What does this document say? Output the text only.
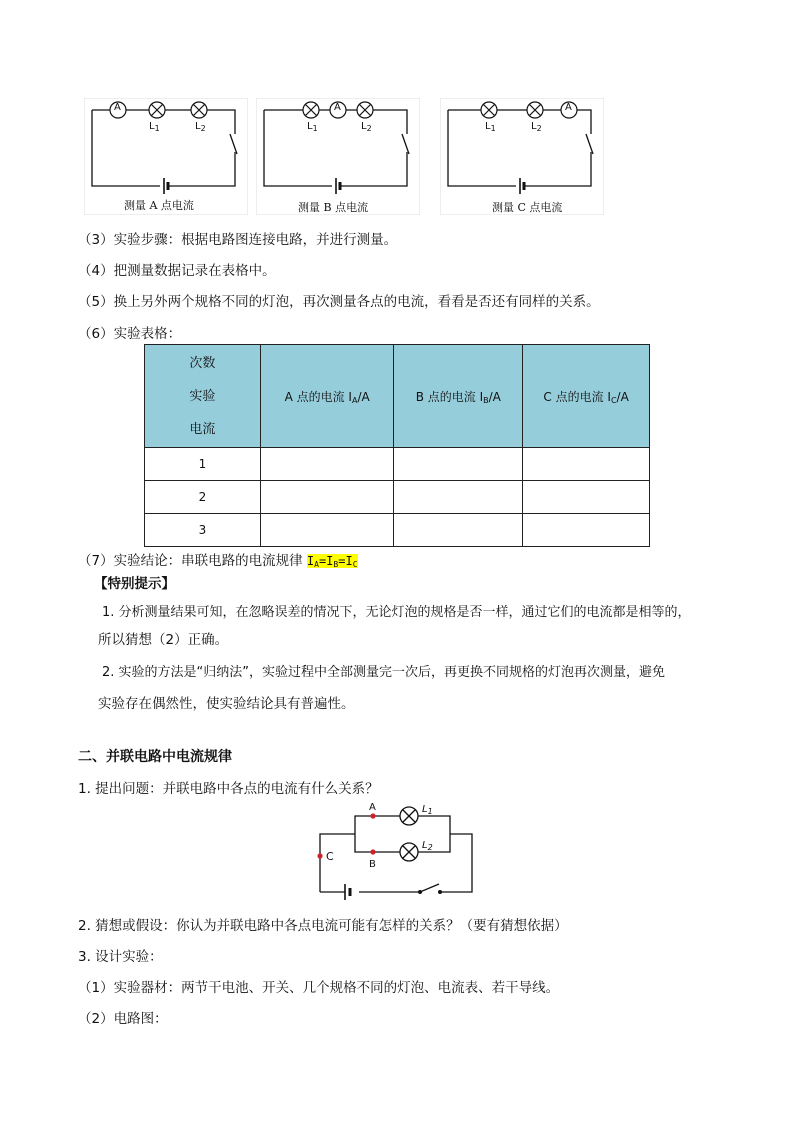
A
$L_1$	$L_2$
测量 A 点电流
A
$L_1$	$L_2$
测量 B 点电流
A
$L_1$	$L_2$
测量 C 点电流
（3）实验步骤：根据电路图连接电路，并进行测量。
（4）把测量数据记录在表格中。
（5）换上另外两个规格不同的灯泡，再次测量各点的电流，看看是否还有同样的关系。
（6）实验表格：
次数
实验
电流	A 点的电流 $I_A/A$	B 点的电流 $I_B/A$	C 点的电流 $I_C/A$
1			
2			
3			
（7）实验结论：串联电路的电流规律 $I_A=I_B=I_C$
【特别提示】
1. 分析测量结果可知，在忽略误差的情况下，无论灯泡的规格是否一样，通过它们的电流都是相等的，
所以猜想（2）正确。
2. 实验的方法是“归纳法”，实验过程中全部测量完一次后，再更换不同规格的灯泡再次测量，避免
实验存在偶然性，使实验结论具有普遍性。
二、并联电路中电流规律
1. 提出问题：并联电路中各点的电流有什么关系？
A
B
C
$L_1$
$L_2$
2. 猜想或假设：你认为并联电路中各点电流可能有怎样的关系？（要有猜想依据）
3. 设计实验：
（1）实验器材：两节干电池、开关、几个规格不同的灯泡、电流表、若干导线。
（2）电路图：
